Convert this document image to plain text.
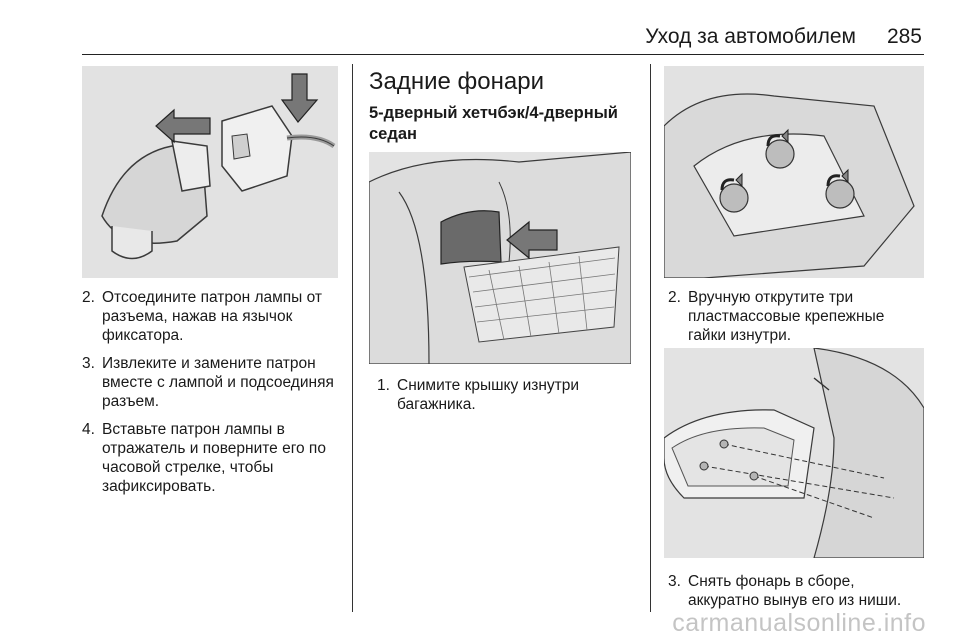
Уход за автомобилем 285
2. Отсоедините патрон лампы от разъема, нажав на язычок фиксатора.
3. Извлеките и замените патрон вместе с лампой и подсоединяя разъем.
4. Вставьте патрон лампы в отражатель и поверните его по часовой стрелке, чтобы зафиксировать.
Задние фонари
5-дверный хетчбэк/4-дверный седан
1. Снимите крышку изнутри багажника.
2. Вручную открутите три пластмассовые крепежные гайки изнутри.
3. Снять фонарь в сборе, аккуратно вынув его из ниши.
carmanualsonline.info
